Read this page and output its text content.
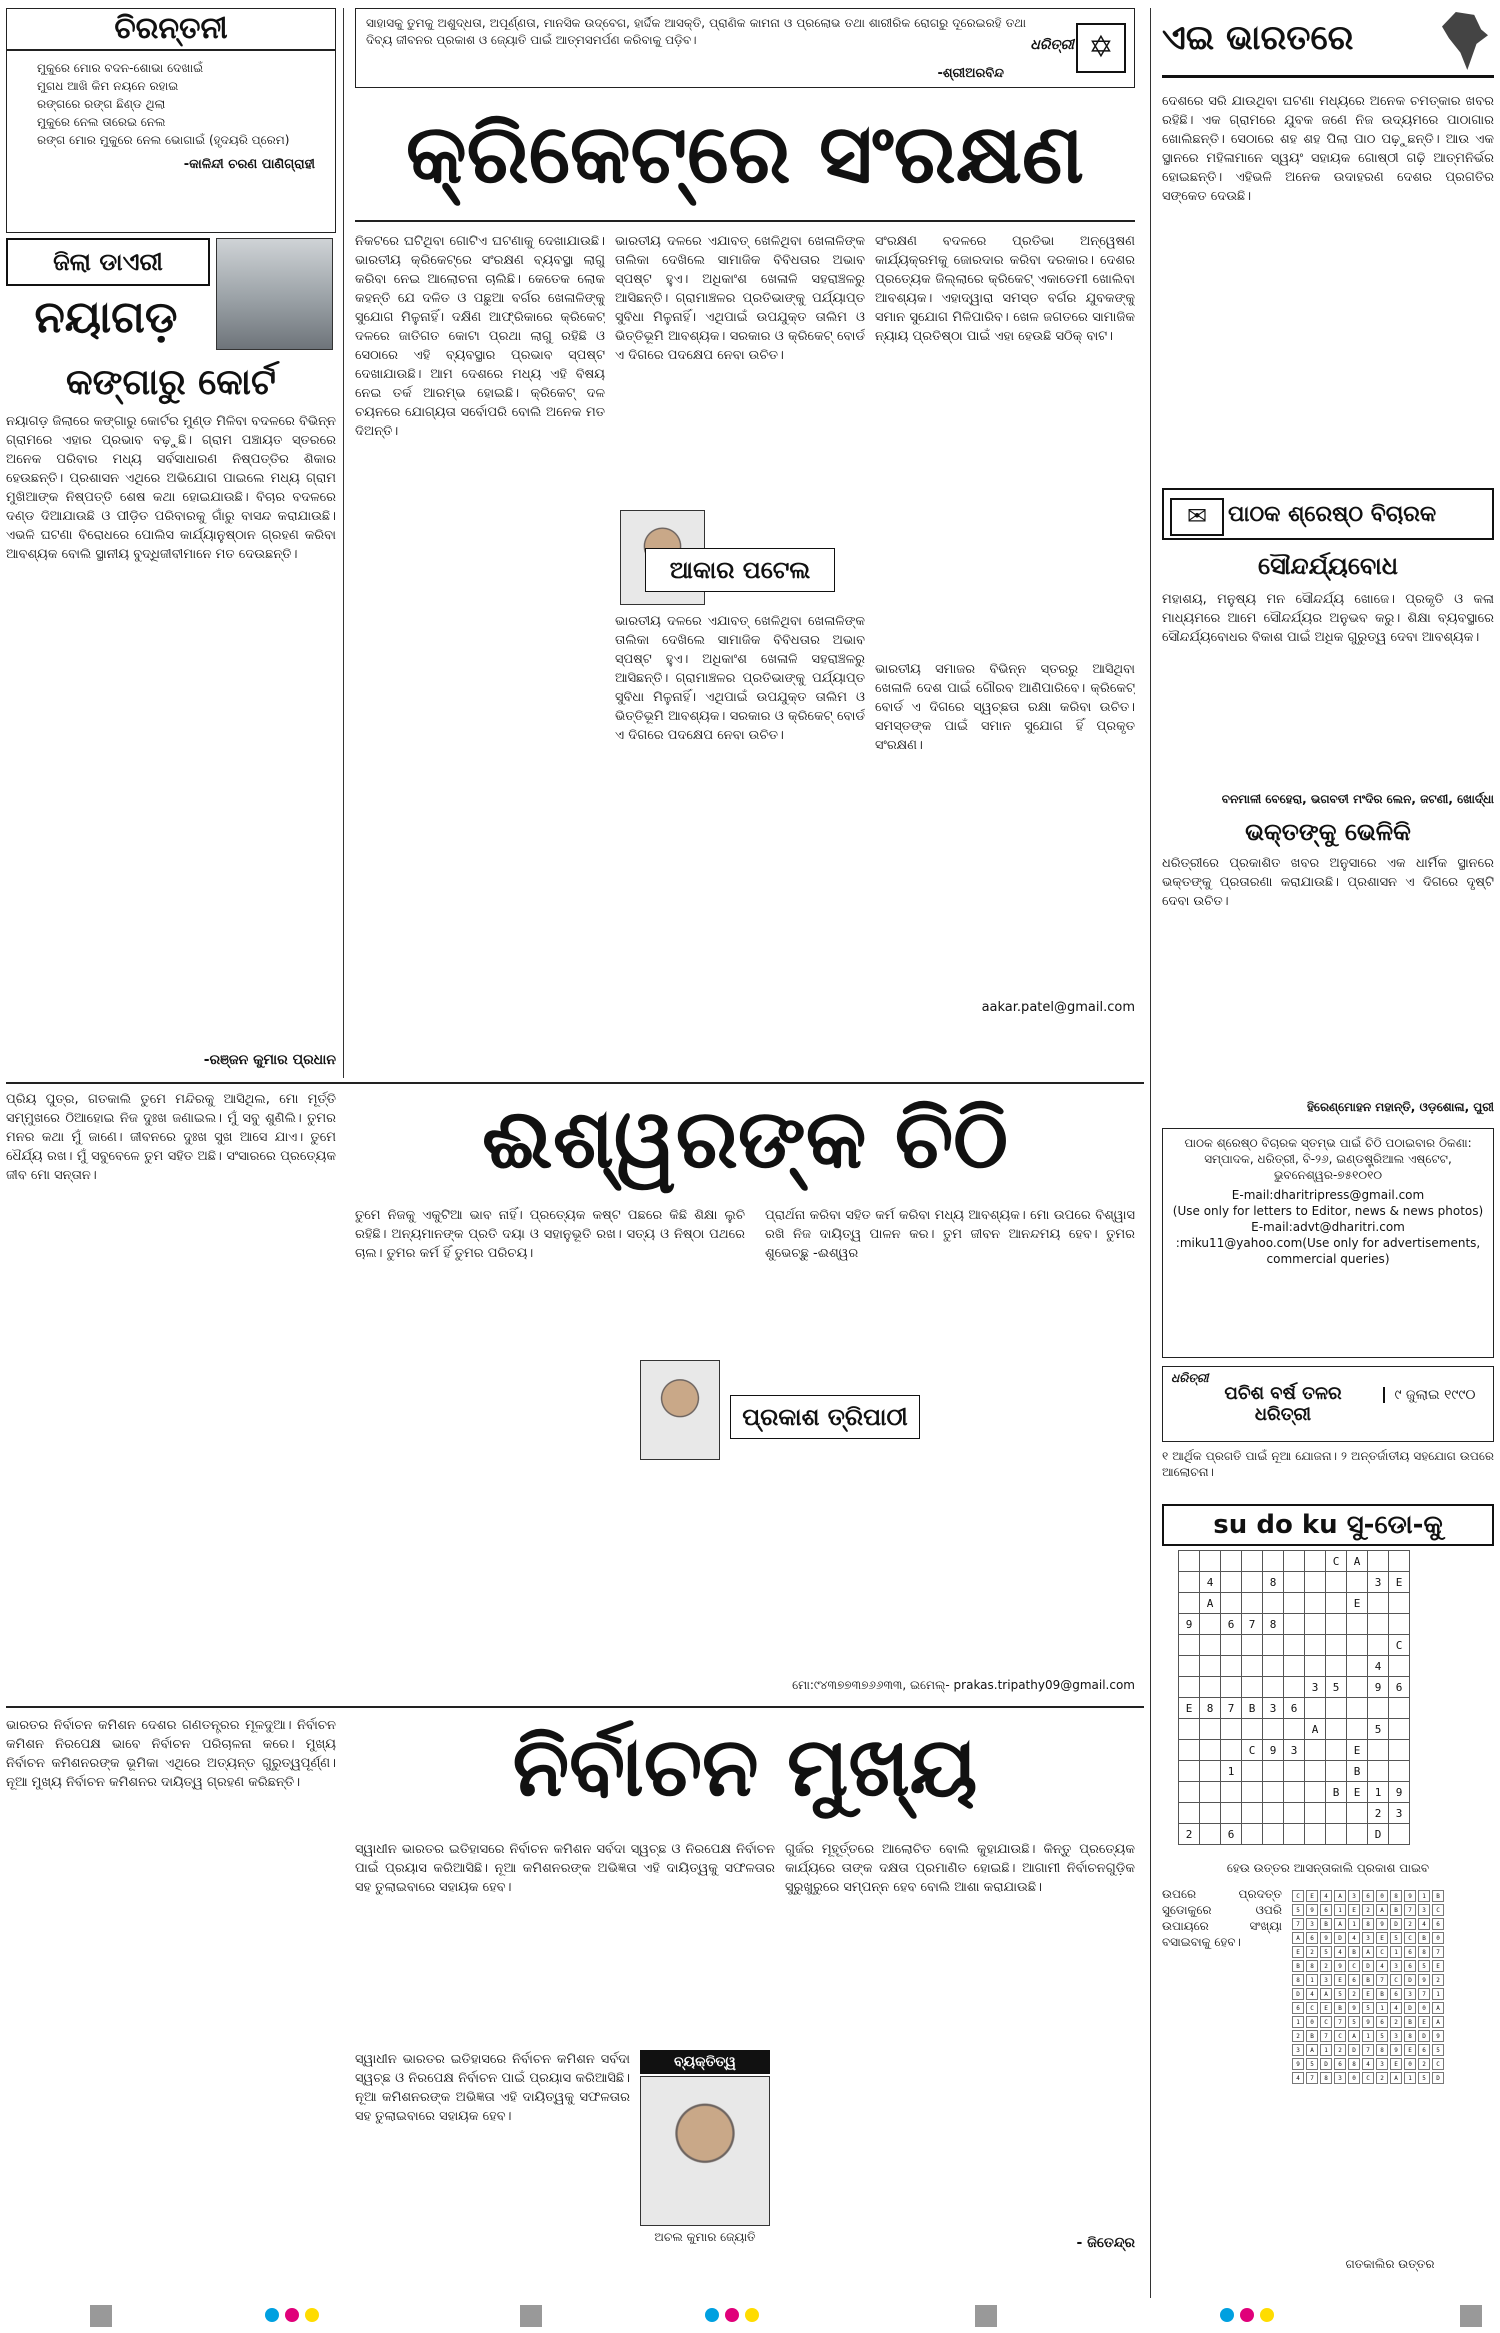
ଚିରନ୍ତନୀ
ମୁକୁରେ ମୋର ବଦନ-ଶୋଭା ଦେଖାଇଁ
ମୁଗଧ ଆଖି କିମ ନୟନେ ରହାଇ
ରଙ୍ଗରେ ରଙ୍ଗ ଛିଣ୍ଡ ଥିଲା
ମୁକୁରେ ନେଲ ତାରେଇ ନେଲ
ରଙ୍ଗ ମୋର ମୁକୁରେ ନେଲ ଭୋଗାଇଁ (ହୃଦୟରି ପ୍ରେମ)
-କାଳିନ୍ଦୀ ଚରଣ ପାଣିଗ୍ରାହୀ
ଜିଲା ଡାଏରୀ
ନୟାଗଡ଼
କଙ୍ଗାରୁ କୋର୍ଟ
ନୟାଗଡ଼ ଜିଲାରେ କଙ୍ଗାରୁ କୋର୍ଟର ମୁଣ୍ଡ ମିଳିବା ବଦଳରେ ବିଭିନ୍ନ ଗ୍ରାମରେ ଏହାର ପ୍ରଭାବ ବଢ଼ୁଛି। ଗ୍ରାମ ପଞ୍ଚାୟତ ସ୍ତରରେ ଅନେକ ପରିବାର ମଧ୍ୟ ସର୍ବସାଧାରଣ ନିଷ୍ପତ୍ତିର ଶିକାର ହେଉଛନ୍ତି। ପ୍ରଶାସନ ଏଥିରେ ଅଭିଯୋଗ ପାଇଲେ ମଧ୍ୟ ଗ୍ରାମ ମୁଖିଆଙ୍କ ନିଷ୍ପତ୍ତି ଶେଷ କଥା ହୋଇଯାଉଛି। ବିଚାର ବଦଳରେ ଦଣ୍ଡ ଦିଆଯାଉଛି ଓ ପୀଡ଼ିତ ପରିବାରକୁ ଗାଁରୁ ବାସନ୍ଦ କରାଯାଉଛି। ଏଭଳି ଘଟଣା ବିରୋଧରେ ପୋଲିସ କାର୍ଯ୍ୟାନୁଷ୍ଠାନ ଗ୍ରହଣ କରିବା ଆବଶ୍ୟକ ବୋଲି ସ୍ଥାନୀୟ ବୁଦ୍ଧିଜୀବୀମାନେ ମତ ଦେଉଛନ୍ତି।
-ରଞ୍ଜନ କୁମାର ପ୍ରଧାନ
ସାହାସକୁ ତୁମକୁ ଅଶୁଦ୍ଧତା, ଅପୂର୍ଣ୍ଣତା, ମାନସିକ ଉଦ୍ବେଗ, ହାର୍ଦ୍ଦିକ ଆସକ୍ତି, ପ୍ରାଣିକ କାମନା ଓ ପ୍ରଲୋଭ ତଥା ଶାରୀରିକ ରୋଗରୁ ଦୂରେଇରହି ତଥା ଦିବ୍ୟ ଜୀବନର ପ୍ରକାଶ ଓ ଜ୍ୟୋତି ପାଇଁ ଆତ୍ମସମର୍ପଣ କରିବାକୁ ପଡ଼ିବ।
-ଶ୍ରୀଅରବିନ୍ଦ
ଧରିତ୍ରୀ ✡
କ୍ରିକେଟ୍‌ରେ ସଂରକ୍ଷଣ
ନିକଟରେ ଘଟିଥିବା ଗୋଟିଏ ଘଟଣାକୁ ଦେଖାଯାଉଛି। ଭାରତୀୟ କ୍ରିକେଟ୍‌ରେ ସଂରକ୍ଷଣ ବ୍ୟବସ୍ଥା ଲାଗୁ କରିବା ନେଇ ଆଲୋଚନା ଚାଲିଛି। କେତେକ ଲୋକ କହନ୍ତି ଯେ ଦଳିତ ଓ ପଛୁଆ ବର୍ଗର ଖେଳାଳିଙ୍କୁ ସୁଯୋଗ ମିଳୁନାହିଁ। ଦକ୍ଷିଣ ଆଫ୍ରିକାରେ କ୍ରିକେଟ୍ ଦଳରେ ଜାତିଗତ କୋଟା ପ୍ରଥା ଲାଗୁ ରହିଛି ଓ ସେଠାରେ ଏହି ବ୍ୟବସ୍ଥାର ପ୍ରଭାବ ସ୍ପଷ୍ଟ ଦେଖାଯାଉଛି। ଆମ ଦେଶରେ ମଧ୍ୟ ଏହି ବିଷୟ ନେଇ ତର୍କ ଆରମ୍ଭ ହୋଇଛି। କ୍ରିକେଟ୍ ଦଳ ଚୟନରେ ଯୋଗ୍ୟତା ସର୍ବୋପରି ବୋଲି ଅନେକ ମତ ଦିଅନ୍ତି।
ଭାରତୀୟ ଦଳରେ ଏଯାବତ୍ ଖେଳିଥିବା ଖେଳାଳିଙ୍କ ତାଲିକା ଦେଖିଲେ ସାମାଜିକ ବିବିଧତାର ଅଭାବ ସ୍ପଷ୍ଟ ହୁଏ। ଅଧିକାଂଶ ଖେଳାଳି ସହରାଞ୍ଚଳରୁ ଆସିଛନ୍ତି। ଗ୍ରାମାଞ୍ଚଳର ପ୍ରତିଭାଙ୍କୁ ପର୍ଯ୍ୟାପ୍ତ ସୁବିଧା ମିଳୁନାହିଁ। ଏଥିପାଇଁ ଉପଯୁକ୍ତ ତାଲିମ ଓ ଭିତ୍ତିଭୂମି ଆବଶ୍ୟକ। ସରକାର ଓ କ୍ରିକେଟ୍ ବୋର୍ଡ ଏ ଦିଗରେ ପଦକ୍ଷେପ ନେବା ଉଚିତ।
ଆକାର ପଟେଲ
ଭାରତୀୟ ଦଳରେ ଏଯାବତ୍ ଖେଳିଥିବା ଖେଳାଳିଙ୍କ ତାଲିକା ଦେଖିଲେ ସାମାଜିକ ବିବିଧତାର ଅଭାବ ସ୍ପଷ୍ଟ ହୁଏ। ଅଧିକାଂଶ ଖେଳାଳି ସହରାଞ୍ଚଳରୁ ଆସିଛନ୍ତି। ଗ୍ରାମାଞ୍ଚଳର ପ୍ରତିଭାଙ୍କୁ ପର୍ଯ୍ୟାପ୍ତ ସୁବିଧା ମିଳୁନାହିଁ। ଏଥିପାଇଁ ଉପଯୁକ୍ତ ତାଲିମ ଓ ଭିତ୍ତିଭୂମି ଆବଶ୍ୟକ। ସରକାର ଓ କ୍ରିକେଟ୍ ବୋର୍ଡ ଏ ଦିଗରେ ପଦକ୍ଷେପ ନେବା ଉଚିତ।
ସଂରକ୍ଷଣ ବଦଳରେ ପ୍ରତିଭା ଅନ୍ୱେଷଣ କାର୍ଯ୍ୟକ୍ରମକୁ ଜୋରଦାର କରିବା ଦରକାର। ଦେଶର ପ୍ରତ୍ୟେକ ଜିଲ୍ଲାରେ କ୍ରିକେଟ୍ ଏକାଡେମୀ ଖୋଲିବା ଆବଶ୍ୟକ। ଏହାଦ୍ୱାରା ସମସ୍ତ ବର୍ଗର ଯୁବକଙ୍କୁ ସମାନ ସୁଯୋଗ ମିଳିପାରିବ। ଖେଳ ଜଗତରେ ସାମାଜିକ ନ୍ୟାୟ ପ୍ରତିଷ୍ଠା ପାଇଁ ଏହା ହେଉଛି ସଠିକ୍ ବାଟ।
ଭାରତୀୟ ସମାଜର ବିଭିନ୍ନ ସ୍ତରରୁ ଆସିଥିବା ଖେଳାଳି ଦେଶ ପାଇଁ ଗୌରବ ଆଣିପାରିବେ। କ୍ରିକେଟ୍ ବୋର୍ଡ ଏ ଦିଗରେ ସ୍ୱଚ୍ଛତା ରକ୍ଷା କରିବା ଉଚିତ। ସମସ୍ତଙ୍କ ପାଇଁ ସମାନ ସୁଯୋଗ ହିଁ ପ୍ରକୃତ ସଂରକ୍ଷଣ।
aakar.patel@gmail.com
ଈଶ୍ୱରଙ୍କ ଚିଠି
ପ୍ରିୟ ପୁତ୍ର, ଗତକାଲି ତୁମେ ମନ୍ଦିରକୁ ଆସିଥିଲ, ମୋ ମୂର୍ତ୍ତି ସମ୍ମୁଖରେ ଠିଆହୋଇ ନିଜ ଦୁଃଖ ଜଣାଇଲ। ମୁଁ ସବୁ ଶୁଣିଲି। ତୁମର ମନର କଥା ମୁଁ ଜାଣେ। ଜୀବନରେ ଦୁଃଖ ସୁଖ ଆସେ ଯାଏ। ତୁମେ ଧୈର୍ଯ୍ୟ ରଖ। ମୁଁ ସବୁବେଳେ ତୁମ ସହିତ ଅଛି। ସଂସାରରେ ପ୍ରତ୍ୟେକ ଜୀବ ମୋ ସନ୍ତାନ।
ତୁମେ ନିଜକୁ ଏକୁଟିଆ ଭାବ ନାହିଁ। ପ୍ରତ୍ୟେକ କଷ୍ଟ ପଛରେ କିଛି ଶିକ୍ଷା ଲୁଚି ରହିଛି। ଅନ୍ୟମାନଙ୍କ ପ୍ରତି ଦୟା ଓ ସହାନୁଭୂତି ରଖ। ସତ୍ୟ ଓ ନିଷ୍ଠା ପଥରେ ଚାଲ। ତୁମର କର୍ମ ହିଁ ତୁମର ପରିଚୟ।
ପ୍ରକାଶ ତ୍ରିପାଠୀ
ପ୍ରାର୍ଥନା କରିବା ସହିତ କର୍ମ କରିବା ମଧ୍ୟ ଆବଶ୍ୟକ। ମୋ ଉପରେ ବିଶ୍ୱାସ ରଖି ନିଜ ଦାୟିତ୍ୱ ପାଳନ କର। ତୁମ ଜୀବନ ଆନନ୍ଦମୟ ହେବ। ତୁମର ଶୁଭେଚ୍ଛୁ -ଈଶ୍ୱର
ମୋ:୯୪୩୭୭୩୭୬୬୩୩, ଇମେଲ୍‌- prakas.tripathy09@gmail.com
ଭାରତର ନିର୍ବାଚନ କମିଶନ ଦେଶର ଗଣତନ୍ତ୍ରର ମୂଳଦୁଆ। ନିର୍ବାଚନ କମିଶନ ନିରପେକ୍ଷ ଭାବେ ନିର୍ବାଚନ ପରିଚାଳନା କରେ। ମୁଖ୍ୟ ନିର୍ବାଚନ କମିଶନରଙ୍କ ଭୂମିକା ଏଥିରେ ଅତ୍ୟନ୍ତ ଗୁରୁତ୍ୱପୂର୍ଣ୍ଣ। ନୂଆ ମୁଖ୍ୟ ନିର୍ବାଚନ କମିଶନର ଦାୟିତ୍ୱ ଗ୍ରହଣ କରିଛନ୍ତି।	ନିର୍ବାଚନ ମୁଖ୍ୟ
ସ୍ୱାଧୀନ ଭାରତର ଇତିହାସରେ ନିର୍ବାଚନ କମିଶନ ସର୍ବଦା ସ୍ୱଚ୍ଛ ଓ ନିରପେକ୍ଷ ନିର୍ବାଚନ ପାଇଁ ପ୍ରୟାସ କରିଆସିଛି। ନୂଆ କମିଶନରଙ୍କ ଅଭିଜ୍ଞତା ଏହି ଦାୟିତ୍ୱକୁ ସଫଳତାର ସହ ତୁଲାଇବାରେ ସହାୟକ ହେବ।
ବ୍ୟକ୍ତିତ୍ୱ
ଅଚଲ କୁମାର ଜ୍ୟୋତି
ସ୍ୱାଧୀନ ଭାରତର ଇତିହାସରେ ନିର୍ବାଚନ କମିଶନ ସର୍ବଦା ସ୍ୱଚ୍ଛ ଓ ନିରପେକ୍ଷ ନିର୍ବାଚନ ପାଇଁ ପ୍ରୟାସ କରିଆସିଛି। ନୂଆ କମିଶନରଙ୍କ ଅଭିଜ୍ଞତା ଏହି ଦାୟିତ୍ୱକୁ ସଫଳତାର ସହ ତୁଲାଇବାରେ ସହାୟକ ହେବ।
ଗୁର୍ଜର ମୂହୂର୍ତ୍ତରେ ଆଲୋଚିତ ବୋଲି କୁହାଯାଉଛି। କିନ୍ତୁ ପ୍ରତ୍ୟେକ କାର୍ଯ୍ୟରେ ତାଙ୍କ ଦକ୍ଷତା ପ୍ରମାଣିତ ହୋଇଛି। ଆଗାମୀ ନିର୍ବାଚନଗୁଡ଼ିକ ସୁରୁଖୁରୁରେ ସମ୍ପନ୍ନ ହେବ ବୋଲି ଆଶା କରାଯାଉଛି।
- ଜିତେନ୍ଦ୍ର
ଏଇ ଭାରତରେ
ଦେଶରେ ସରି ଯାଉଥିବା ଘଟଣା ମଧ୍ୟରେ ଅନେକ ଚମତ୍କାର ଖବର ରହିଛି। ଏକ ଗ୍ରାମରେ ଯୁବକ ଜଣେ ନିଜ ଉଦ୍ୟମରେ ପାଠାଗାର ଖୋଲିଛନ୍ତି। ସେଠାରେ ଶହ ଶହ ପିଲା ପାଠ ପଢ଼ୁଛନ୍ତି। ଆଉ ଏକ ସ୍ଥାନରେ ମହିଳାମାନେ ସ୍ୱୟଂ ସହାୟକ ଗୋଷ୍ଠୀ ଗଢ଼ି ଆତ୍ମନିର୍ଭର ହୋଇଛନ୍ତି। ଏହିଭଳି ଅନେକ ଉଦାହରଣ ଦେଶର ପ୍ରଗତିର ସଙ୍କେତ ଦେଉଛି।
✉ ପାଠକ ଶ୍ରେଷ୍ଠ ବିଚାରକ
ସୌନ୍ଦର୍ଯ୍ୟବୋଧ
ମହାଶୟ, ମନୁଷ୍ୟ ମନ ସୌନ୍ଦର୍ଯ୍ୟ ଖୋଜେ। ପ୍ରକୃତି ଓ କଳା ମାଧ୍ୟମରେ ଆମେ ସୌନ୍ଦର୍ଯ୍ୟର ଅନୁଭବ କରୁ। ଶିକ୍ଷା ବ୍ୟବସ୍ଥାରେ ସୌନ୍ଦର୍ଯ୍ୟବୋଧର ବିକାଶ ପାଇଁ ଅଧିକ ଗୁରୁତ୍ୱ ଦେବା ଆବଶ୍ୟକ।
ବନମାଳୀ ବେହେରା, ଭଗବତୀ ମଂଦିର ଲେନ, ଜଟଣୀ, ଖୋର୍ଦ୍ଧା
ଭକ୍ତଙ୍କୁ ଭେଳିକି
ଧରିତ୍ରୀରେ ପ୍ରକାଶିତ ଖବର ଅନୁସାରେ ଏକ ଧାର୍ମିକ ସ୍ଥାନରେ ଭକ୍ତଙ୍କୁ ପ୍ରତାରଣା କରାଯାଉଛି। ପ୍ରଶାସନ ଏ ଦିଗରେ ଦୃଷ୍ଟି ଦେବା ଉଚିତ।
ହିରେଣ୍ମୋହନ ମହାନ୍ତି, ଓଡ଼ଶୋଳା, ପୁରୀ
ପାଠକ ଶ୍ରେଷ୍ଠ ବିଚାରକ ସ୍ତମ୍ଭ ପାଇଁ ଚିଠି ପଠାଇବାର ଠିକଣା: ସମ୍ପାଦକ, ଧରିତ୍ରୀ, ବି-୨୬, ଇଣ୍ଡଷ୍ଟ୍ରିଆଲ ଏଷ୍ଟେଟ, ଭୁବନେଶ୍ୱର-୭୫୧୦୧୦
E-mail:dharitripress@gmail.com
(Use only for letters to Editor, news & news photos)
E-mail:advt@dharitri.com
:miku11@yahoo.com(Use only for advertisements, commercial queries)
ଧରିତ୍ରୀ
ପଚିଶ ବର୍ଷ ତଳର ଧରିତ୍ରୀ
୯ ଜୁଲାଇ ୧୯୯୦
୧ ଆର୍ଥିକ ପ୍ରଗତି ପାଇଁ ନୂଆ ଯୋଜନା। ୨ ଅନ୍ତର୍ଜାତୀୟ ସହଯୋଗ ଉପରେ ଆଲୋଚନା।
su do ku ସୁ-ଡୋ-କୁ
							C	A		
	4			8					3	E
	A							E		
9		6	7	8						
										C
									4	
						3	5		9	6
E	8	7	B	3	6					
						A			5	
			C	9	3			E		
		1						B		
							B	E	1	9
									2	3
2		6							D	
ହେଉ ଉତ୍ତର ଆସନ୍ତାକାଲି ପ୍ରକାଶ ପାଇବ
ଉପରେ ପ୍ରଦତ୍ତ ସୁଡୋକୁରେ ଓପରି ଉପାୟରେ ସଂଖ୍ୟା ବସାଇବାକୁ ହେବ।
C	E	4	A	3	6	0	8	9	1	B
5	9	6	1	E	2	A	B	7	3	C
7	3	B	A	1	8	9	D	2	4	6
A	6	9	D	4	3	E	5	C	B	0
E	2	5	4	B	A	C	1	6	8	7
B	8	2	9	C	D	4	3	6	5	E
8	1	3	E	6	B	7	C	D	9	2
D	4	A	5	2	E	B	6	3	7	1
6	C	E	B	9	5	1	4	D	0	A
1	0	C	7	5	9	6	2	B	E	A
2	B	7	C	A	1	5	3	8	D	9
3	A	1	2	D	7	8	9	E	6	5
9	5	D	6	8	4	3	E	0	2	C
4	7	8	3	0	C	2	A	1	5	D
ଗତକାଲିର ଉତ୍ତର
